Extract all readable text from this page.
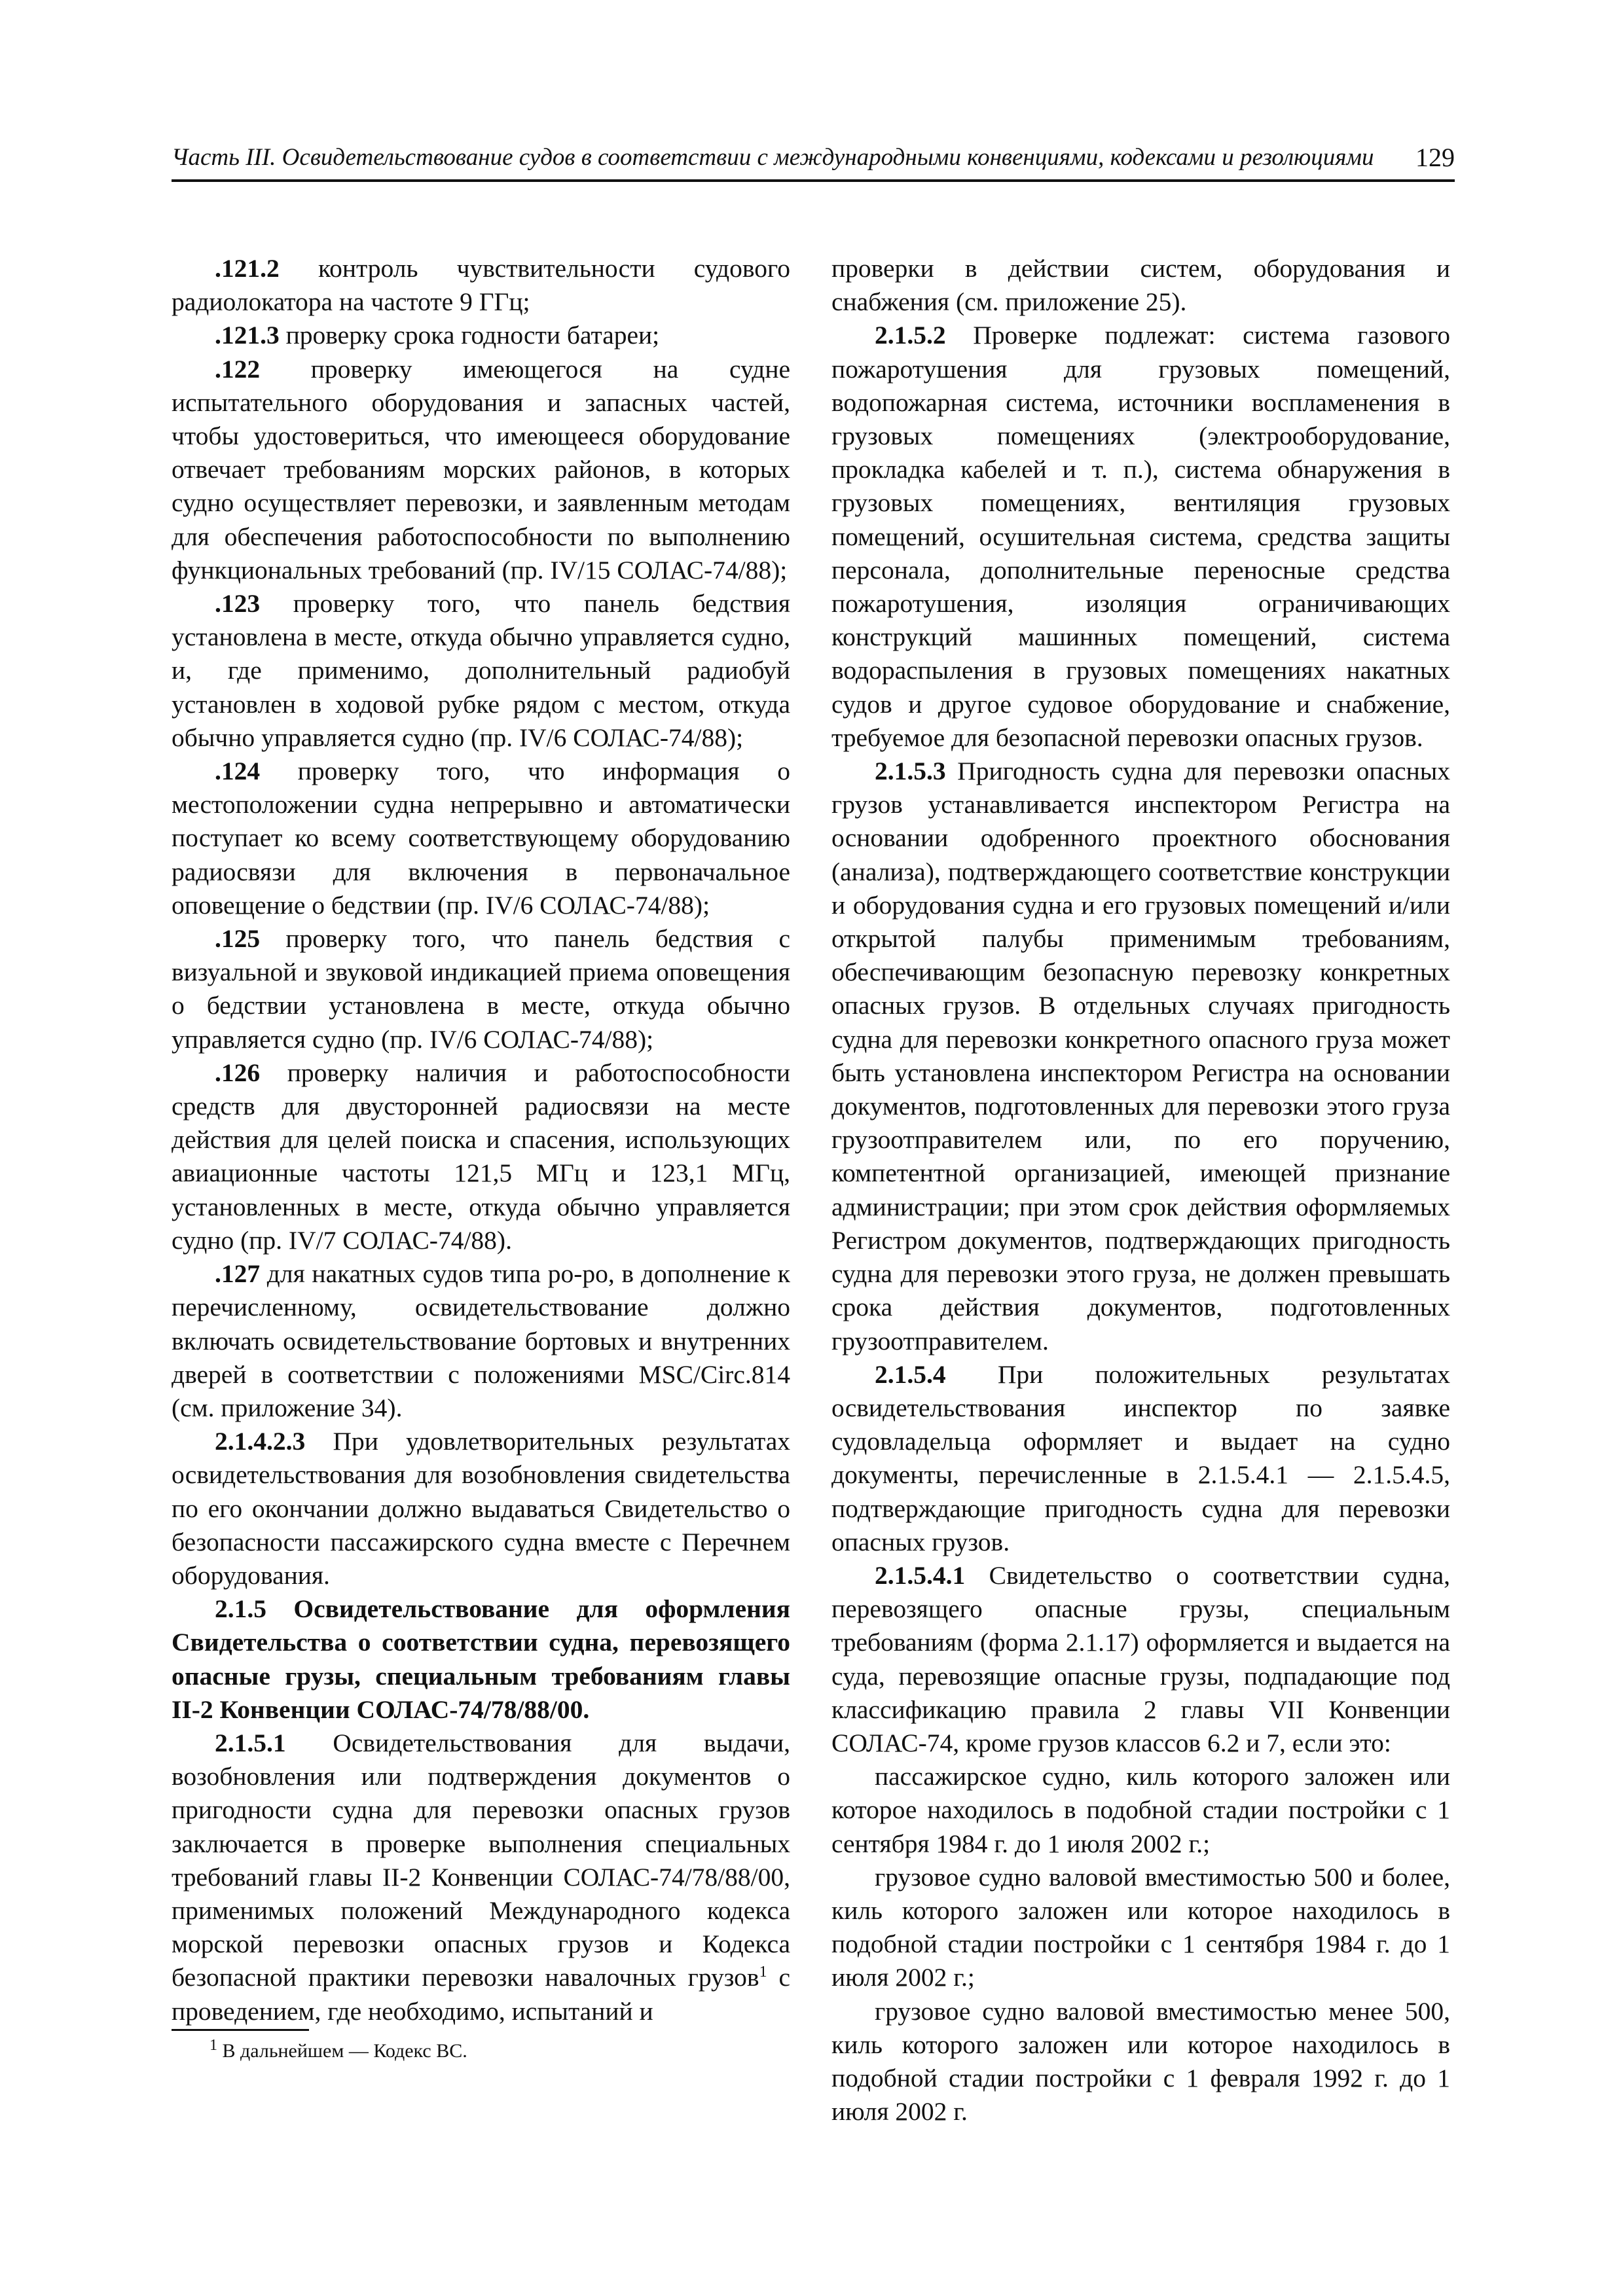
Часть III. Освидетельствование судов в соответствии с международными конвенциями, кодексами и резолюциями 129

.121.2 контроль чувствительности судового радиолокатора на частоте 9 ГГц;

.121.3 проверку срока годности батареи;

.122 проверку имеющегося на судне испытательного оборудования и запасных частей, чтобы удостовериться, что имеющееся оборудование отвечает требованиям морских районов, в которых судно осуществляет перевозки, и заявленным методам для обеспечения работоспособности по выполнению функциональных требований (пр. IV/15 СОЛАС-74/88);

.123 проверку того, что панель бедствия установлена в месте, откуда обычно управляется судно, и, где применимо, дополнительный радиобуй установлен в ходовой рубке рядом с местом, откуда обычно управляется судно (пр. IV/6 СОЛАС-74/88);

.124 проверку того, что информация о местоположении судна непрерывно и автоматически поступает ко всему соответствующему оборудованию радиосвязи для включения в первоначальное оповещение о бедствии (пр. IV/6 СОЛАС-74/88);

.125 проверку того, что панель бедствия с визуальной и звуковой индикацией приема оповещения о бедствии установлена в месте, откуда обычно управляется судно (пр. IV/6 СОЛАС-74/88);

.126 проверку наличия и работоспособности средств для двусторонней радиосвязи на месте действия для целей поиска и спасения, использующих авиационные частоты 121,5 МГц и 123,1 МГц, установленных в месте, откуда обычно управляется судно (пр. IV/7 СОЛАС-74/88).

.127 для накатных судов типа ро-ро, в дополнение к перечисленному, освидетельствование должно включать освидетельствование бортовых и внутренних дверей в соответствии с положениями MSC/Circ.814 (см. приложение 34).

2.1.4.2.3 При удовлетворительных результатах освидетельствования для возобновления свидетельства по его окончании должно выдаваться Свидетельство о безопасности пассажирского судна вместе с Перечнем оборудования.

2.1.5 Освидетельствование для оформления Свидетельства о соответствии судна, перевозящего опасные грузы, специальным требованиям главы II-2 Конвенции СОЛАС-74/78/88/00.

2.1.5.1 Освидетельствования для выдачи, возобновления или подтверждения документов о пригодности судна для перевозки опасных грузов заключается в проверке выполнения специальных требований главы II-2 Конвенции СОЛАС-74/78/88/00, применимых положений Международного кодекса морской перевозки опасных грузов и Кодекса безопасной практики перевозки навалочных грузов$^1$ с проведением, где необходимо, испытаний и

проверки в действии систем, оборудования и снабжения (см. приложение 25).

2.1.5.2 Проверке подлежат: система газового пожаротушения для грузовых помещений, водопожарная система, источники воспламенения в грузовых помещениях (электрооборудование, прокладка кабелей и т. п.), система обнаружения в грузовых помещениях, вентиляция грузовых помещений, осушительная система, средства защиты персонала, дополнительные переносные средства пожаротушения, изоляция ограничивающих конструкций машинных помещений, система водораспыления в грузовых помещениях накатных судов и другое судовое оборудование и снабжение, требуемое для безопасной перевозки опасных грузов.

2.1.5.3 Пригодность судна для перевозки опасных грузов устанавливается инспектором Регистра на основании одобренного проектного обоснования (анализа), подтверждающего соответствие конструкции и оборудования судна и его грузовых помещений и/или открытой палубы применимым требованиям, обеспечивающим безопасную перевозку конкретных опасных грузов. В отдельных случаях пригодность судна для перевозки конкретного опасного груза может быть установлена инспектором Регистра на основании документов, подготовленных для перевозки этого груза грузоотправителем или, по его поручению, компетентной организацией, имеющей признание администрации; при этом срок действия оформляемых Регистром документов, подтверждающих пригодность судна для перевозки этого груза, не должен превышать срока действия документов, подготовленных грузоотправителем.

2.1.5.4 При положительных результатах освидетельствования инспектор по заявке судовладельца оформляет и выдает на судно документы, перечисленные в 2.1.5.4.1 — 2.1.5.4.5, подтверждающие пригодность судна для перевозки опасных грузов.

2.1.5.4.1 Свидетельство о соответствии судна, перевозящего опасные грузы, специальным требованиям (форма 2.1.17) оформляется и выдается на суда, перевозящие опасные грузы, подпадающие под классификацию правила 2 главы VII Конвенции СОЛАС-74, кроме грузов классов 6.2 и 7, если это:

пассажирское судно, киль которого заложен или которое находилось в подобной стадии постройки с 1 сентября 1984 г. до 1 июля 2002 г.;

грузовое судно валовой вместимостью 500 и более, киль которого заложен или которое находилось в подобной стадии постройки с 1 сентября 1984 г. до 1 июля 2002 г.;

грузовое судно валовой вместимостью менее 500, киль которого заложен или которое находилось в подобной стадии постройки с 1 февраля 1992 г. до 1 июля 2002 г.

$^1$ В дальнейшем — Кодекс ВС.
